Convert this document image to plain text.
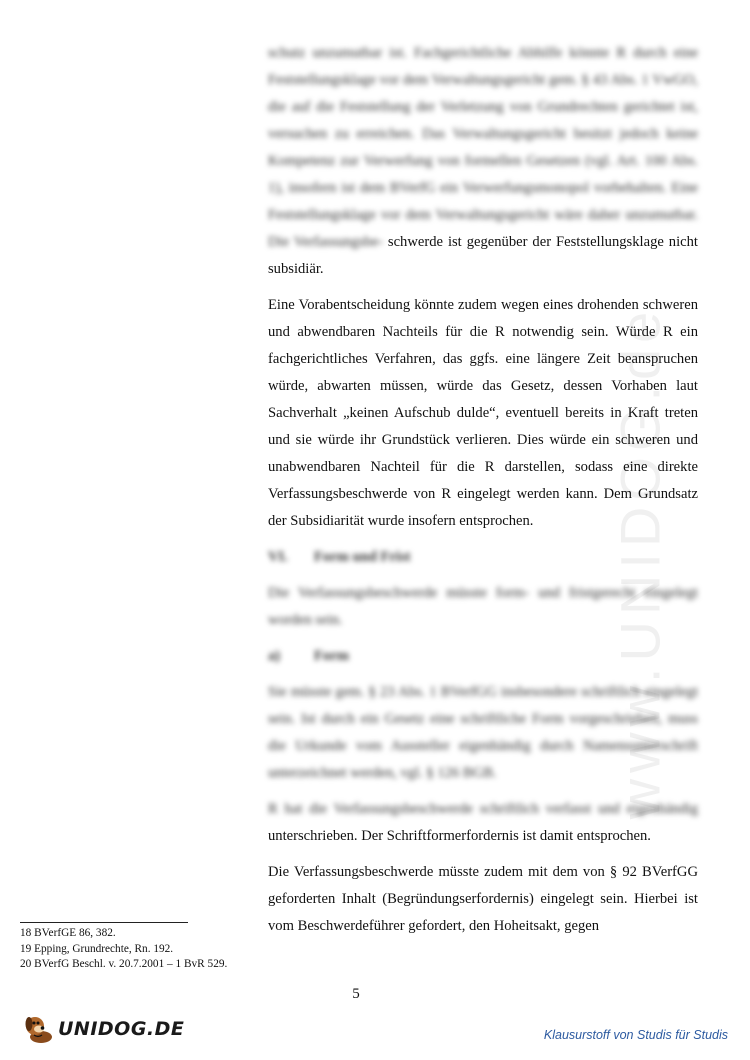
www.UNIDOG.de

schutz unzumutbar ist. Fachgerichtliche Abhilfe könnte R durch eine Feststellungsklage vor dem Verwaltungsgericht gem. § 43 Abs. 1 VwGO, die auf die Feststellung der Verletzung von Grundrechten gerichtet ist, versuchen zu erreichen. Das Verwaltungsgericht besitzt jedoch keine Kompetenz zur Verwerfung von formellen Gesetzen (vgl. Art. 100 Abs. 1), insofern ist dem BVerfG ein Verwerfungsmonopol vorbehalten. Eine Feststellungsklage vor dem Verwaltungsgericht wäre daher unzumutbar. Die Verfassungsbe- schwerde ist gegenüber der Feststellungsklage nicht subsidiär.

Eine Vorabentscheidung könnte zudem wegen eines drohenden schweren und abwendbaren Nachteils für die R notwendig sein. Würde R ein fachgerichtliches Verfahren, das ggfs. eine längere Zeit beanspruchen würde, abwarten müssen, würde das Gesetz, dessen Vorhaben laut Sachverhalt „keinen Aufschub dulde“, eventuell bereits in Kraft treten und sie würde ihr Grundstück verlieren. Dies würde ein schweren und unabwendbaren Nachteil für die R darstellen, sodass eine direkte Verfassungsbeschwerde von R eingelegt werden kann. Dem Grundsatz der Subsidiarität wurde insofern entsprochen.

VI.	Form und Frist

Die Verfassungsbeschwerde müsste form- und fristgerecht eingelegt worden sein.

a)	Form

Sie müsste gem. § 23 Abs. 1 BVerfGG insbesondere schriftlich eingelegt sein. Ist durch ein Gesetz eine schriftliche Form vorgeschrieben, muss die Urkunde vom Aussteller eigenhändig durch Namensunterschrift unterzeichnet werden, vgl. § 126 BGB.

R hat die Verfassungsbeschwerde schriftlich verfasst und eigenhändig unterschrieben. Der Schriftformerfordernis ist damit entsprochen.

Die Verfassungsbeschwerde müsste zudem mit dem von § 92 BVerfGG geforderten Inhalt (Begründungserfordernis) eingelegt sein. Hierbei ist vom Beschwerdeführer gefordert, den Hoheitsakt, gegen

18 BVerfGE 86, 382.
19 Epping, Grundrechte, Rn. 192.
20 BVerfG Beschl. v. 20.7.2001 – 1 BvR 529.
5
UNIDOG.DE	Klausurstoff von Studis für Studis
